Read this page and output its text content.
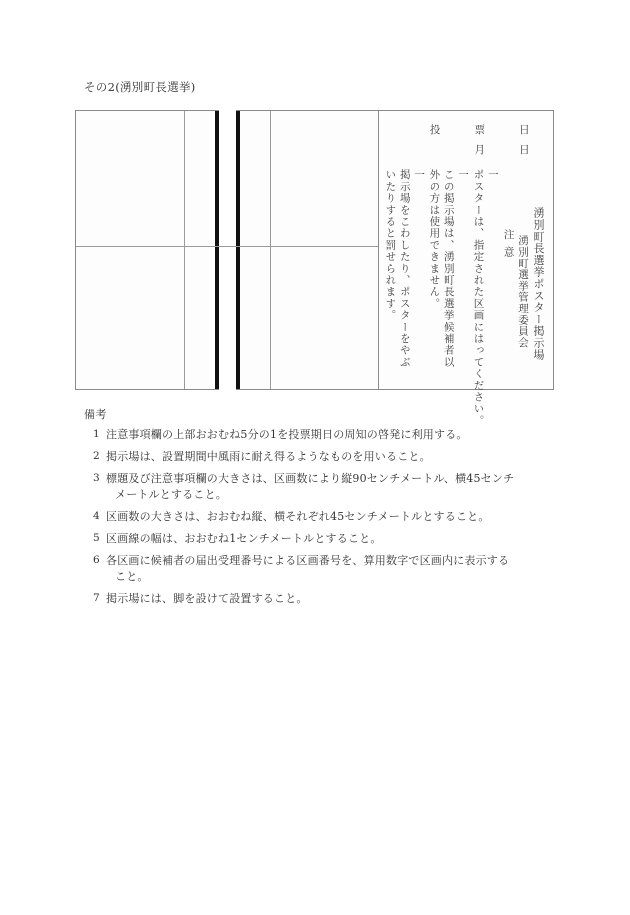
その2(湧別町長選挙)
投	票	日
月	日
湧別町長選挙ポスター掲示場
湧別町選挙管理委員会
注意
一
ポスターは、指定された区画にはってください。
一
この掲示場は、湧別町長選挙候補者以
外の方は使用できません。
一
掲示場をこわしたり、ポスターをやぶ
いたりすると罰せられます。
備考
1 注意事項欄の上部おおむね5分の1を投票期日の周知の啓発に利用する。
2 掲示場は、設置期間中風雨に耐え得るようなものを用いること。
3 標題及び注意事項欄の大きさは、区画数により縦90センチメートル、横45センチ
メートルとすること。
4 区画数の大きさは、おおむね縦、横それぞれ45センチメートルとすること。
5 区画線の幅は、おおむね1センチメートルとすること。
6 各区画に候補者の届出受理番号による区画番号を、算用数字で区画内に表示する
こと。
7 掲示場には、脚を設けて設置すること。
